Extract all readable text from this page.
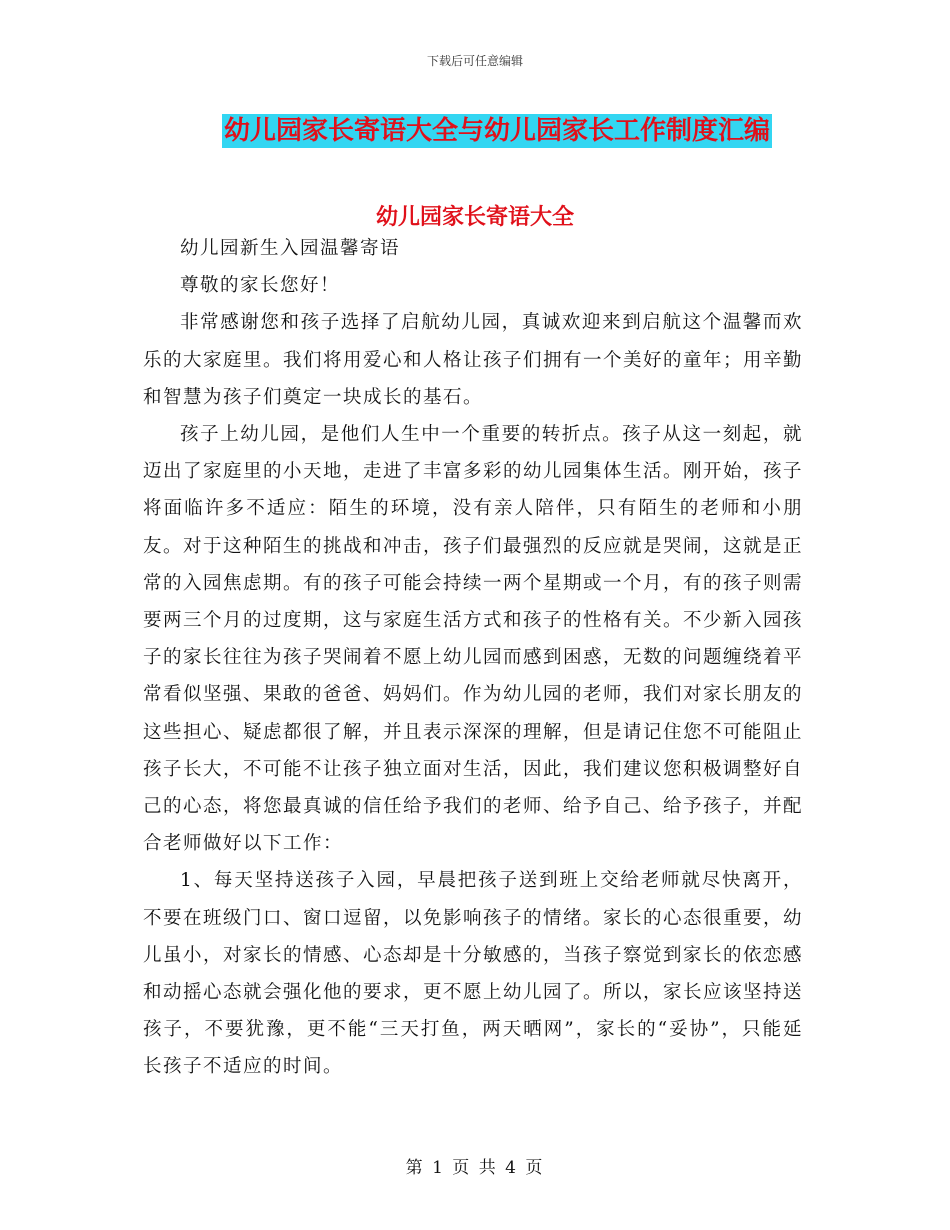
下载后可任意编辑
幼儿园家长寄语大全与幼儿园家长工作制度汇编
幼儿园家长寄语大全

幼儿园新生入园温馨寄语

尊敬的家长您好！

非常感谢您和孩子选择了启航幼儿园，真诚欢迎来到启航这个温馨而欢乐的大家庭里。我们将用爱心和人格让孩子们拥有一个美好的童年；用辛勤和智慧为孩子们奠定一块成长的基石。

孩子上幼儿园，是他们人生中一个重要的转折点。孩子从这一刻起，就迈出了家庭里的小天地，走进了丰富多彩的幼儿园集体生活。刚开始，孩子将面临许多不适应：陌生的环境，没有亲人陪伴，只有陌生的老师和小朋友。对于这种陌生的挑战和冲击，孩子们最强烈的反应就是哭闹，这就是正常的入园焦虑期。有的孩子可能会持续一两个星期或一个月，有的孩子则需要两三个月的过度期，这与家庭生活方式和孩子的性格有关。不少新入园孩子的家长往往为孩子哭闹着不愿上幼儿园而感到困惑，无数的问题缠绕着平常看似坚强、果敢的爸爸、妈妈们。作为幼儿园的老师，我们对家长朋友的这些担心、疑虑都很了解，并且表示深深的理解，但是请记住您不可能阻止孩子长大，不可能不让孩子独立面对生活，因此，我们建议您积极调整好自己的心态，将您最真诚的信任给予我们的老师、给予自己、给予孩子，并配合老师做好以下工作：

1、每天坚持送孩子入园，早晨把孩子送到班上交给老师就尽快离开，不要在班级门口、窗口逗留，以免影响孩子的情绪。家长的心态很重要，幼儿虽小，对家长的情感、心态却是十分敏感的，当孩子察觉到家长的依恋感和动摇心态就会强化他的要求，更不愿上幼儿园了。所以，家长应该坚持送孩子，不要犹豫，更不能“三天打鱼，两天晒网”，家长的“妥协”，只能延长孩子不适应的时间。

第 1 页 共 4 页
